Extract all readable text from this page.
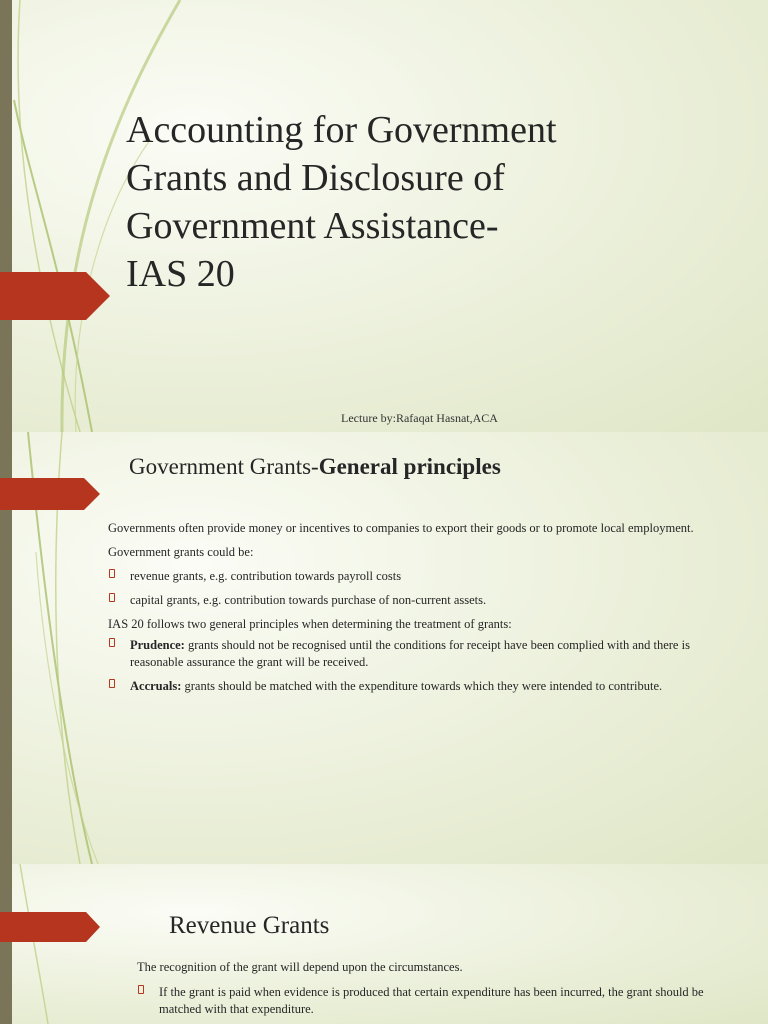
Accounting for Government
Grants and Disclosure of
Government Assistance-
IAS 20
Lecture by:Rafaqat Hasnat,ACA
Government Grants-General principles

Governments often provide money or incentives to companies to export their goods or to promote local employment.

Government grants could be:

revenue grants, e.g. contribution towards payroll costs
capital grants, e.g. contribution towards purchase of non-current assets.

IAS 20 follows two general principles when determining the treatment of grants:

Prudence: grants should not be recognised until the conditions for receipt have been complied with and there is reasonable assurance the grant will be received.
Accruals: grants should be matched with the expenditure towards which they were intended to contribute.
Revenue Grants

The recognition of the grant will depend upon the circumstances.

If the grant is paid when evidence is produced that certain expenditure has been incurred, the grant should be matched with that expenditure.
